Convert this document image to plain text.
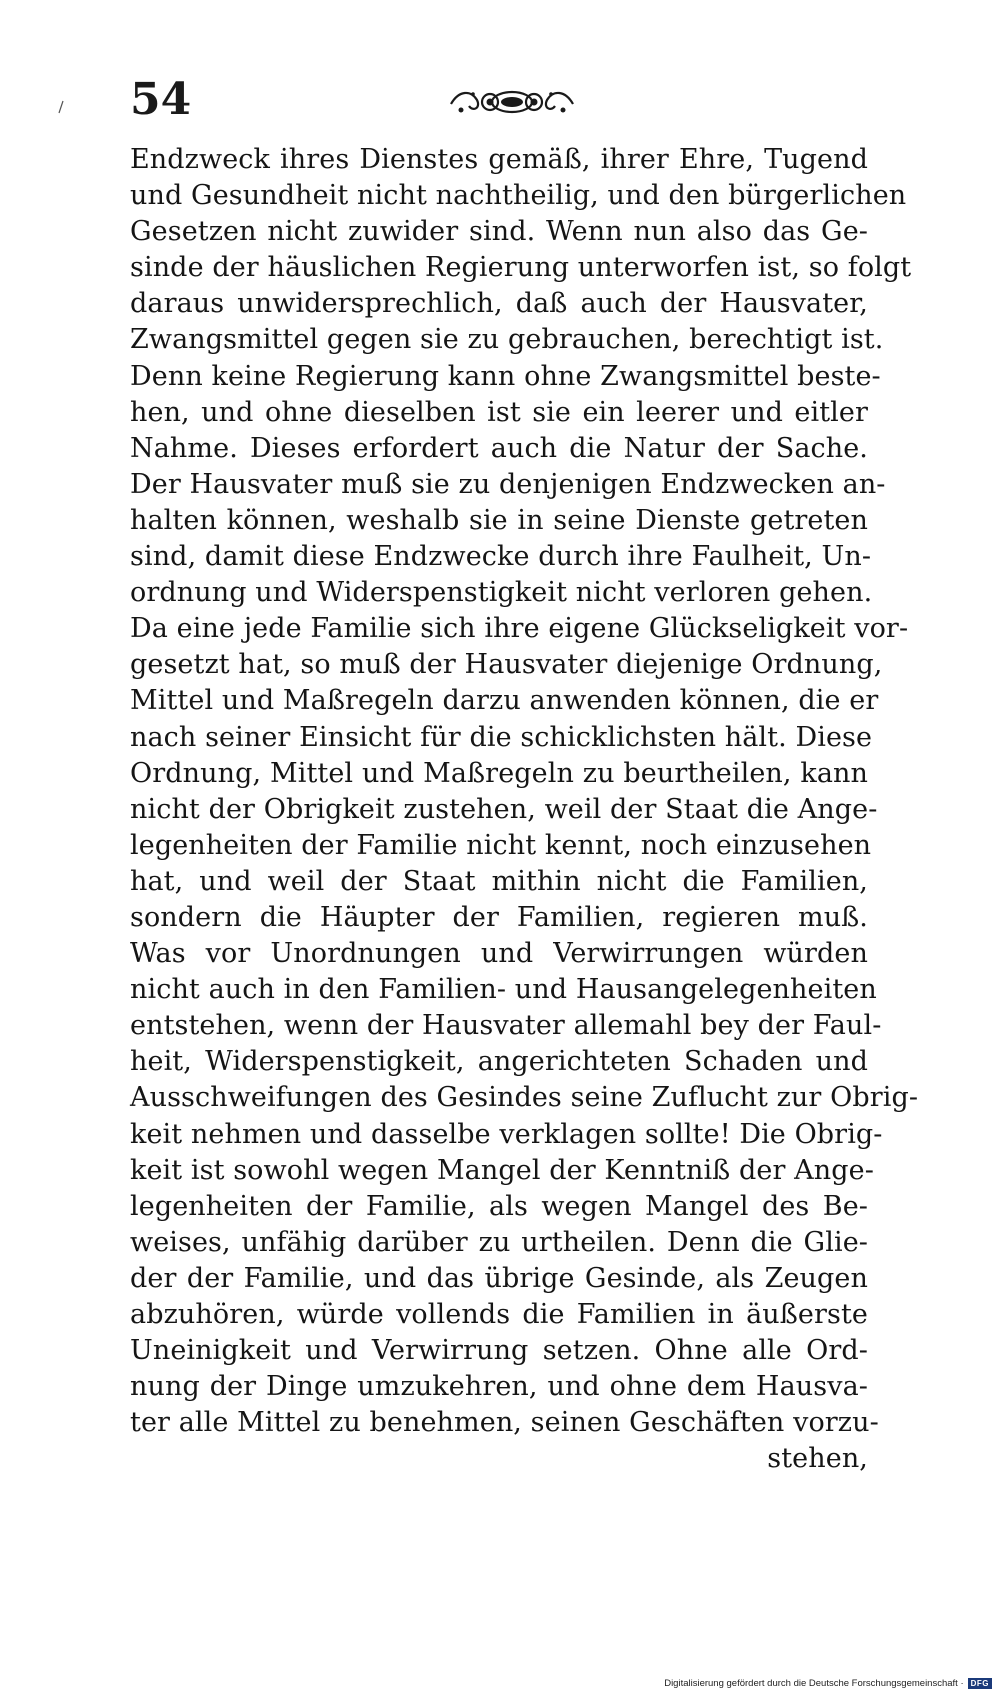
54
Endzweck ihres Dienstes gemäß, ihrer Ehre, Tugend
und Gesundheit nicht nachtheilig, und den bürgerlichen
Gesetzen nicht zuwider sind. Wenn nun also das Ge-
sinde der häuslichen Regierung unterworfen ist, so folgt
daraus unwidersprechlich, daß auch der Hausvater,
Zwangsmittel gegen sie zu gebrauchen, berechtigt ist.
Denn keine Regierung kann ohne Zwangsmittel beste-
hen, und ohne dieselben ist sie ein leerer und eitler
Nahme. Dieses erfordert auch die Natur der Sache.
Der Hausvater muß sie zu denjenigen Endzwecken an-
halten können, weshalb sie in seine Dienste getreten
sind, damit diese Endzwecke durch ihre Faulheit, Un-
ordnung und Widerspenstigkeit nicht verloren gehen.
Da eine jede Familie sich ihre eigene Glückseligkeit vor-
gesetzt hat, so muß der Hausvater diejenige Ordnung,
Mittel und Maßregeln darzu anwenden können, die er
nach seiner Einsicht für die schicklichsten hält. Diese
Ordnung, Mittel und Maßregeln zu beurtheilen, kann
nicht der Obrigkeit zustehen, weil der Staat die Ange-
legenheiten der Familie nicht kennt, noch einzusehen
hat, und weil der Staat mithin nicht die Familien,
sondern die Häupter der Familien, regieren muß.
Was vor Unordnungen und Verwirrungen würden
nicht auch in den Familien- und Hausangelegenheiten
entstehen, wenn der Hausvater allemahl bey der Faul-
heit, Widerspenstigkeit, angerichteten Schaden und
Ausschweifungen des Gesindes seine Zuflucht zur Obrig-
keit nehmen und dasselbe verklagen sollte! Die Obrig-
keit ist sowohl wegen Mangel der Kenntniß der Ange-
legenheiten der Familie, als wegen Mangel des Be-
weises, unfähig darüber zu urtheilen. Denn die Glie-
der der Familie, und das übrige Gesinde, als Zeugen
abzuhören, würde vollends die Familien in äußerste
Uneinigkeit und Verwirrung setzen. Ohne alle Ord-
nung der Dinge umzukehren, und ohne dem Hausva-
ter alle Mittel zu benehmen, seinen Geschäften vorzu-
stehen,
Digitalisierung gefördert durch die Deutsche Forschungsgemeinschaft · DFG
